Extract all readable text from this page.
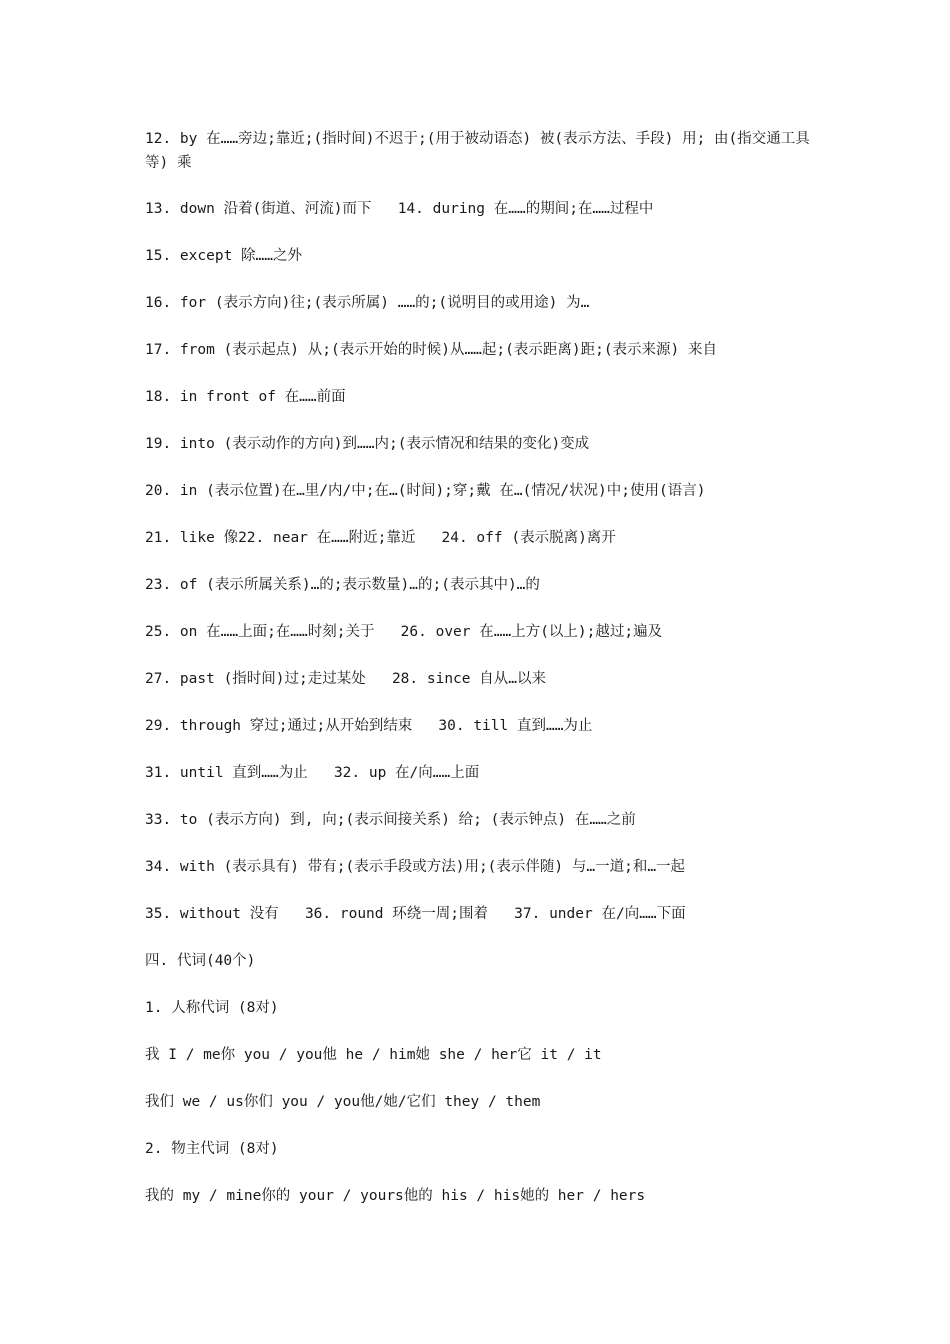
12. by 在……旁边;靠近;(指时间)不迟于;(用于被动语态) 被(表示方法、手段) 用; 由(指交通工具等) 乘

13. down 沿着(街道、河流)而下   14. during 在……的期间;在……过程中

15. except 除……之外

16. for (表示方向)往;(表示所属) ……的;(说明目的或用途) 为…

17. from (表示起点) 从;(表示开始的时候)从……起;(表示距离)距;(表示来源) 来自

18. in front of 在……前面

19. into (表示动作的方向)到……内;(表示情况和结果的变化)变成

20. in (表示位置)在…里/内/中;在…(时间);穿;戴 在…(情况/状况)中;使用(语言)

21. like 像22. near 在……附近;靠近   24. off (表示脱离)离开

23. of (表示所属关系)…的;表示数量)…的;(表示其中)…的

25. on 在……上面;在……时刻;关于   26. over 在……上方(以上);越过;遍及

27. past (指时间)过;走过某处   28. since 自从…以来

29. through 穿过;通过;从开始到结束   30. till 直到……为止

31. until 直到……为止   32. up 在/向……上面

33. to (表示方向) 到, 向;(表示间接关系) 给; (表示钟点) 在……之前

34. with (表示具有) 带有;(表示手段或方法)用;(表示伴随) 与…一道;和…一起

35. without 没有   36. round 环绕一周;围着   37. under 在/向……下面

四. 代词(40个)

1. 人称代词 (8对)

我 I / me你 you / you他 he / him她 she / her它 it / it

我们 we / us你们 you / you他/她/它们 they / them

2. 物主代词 (8对)

我的 my / mine你的 your / yours他的 his / his她的 her / hers
